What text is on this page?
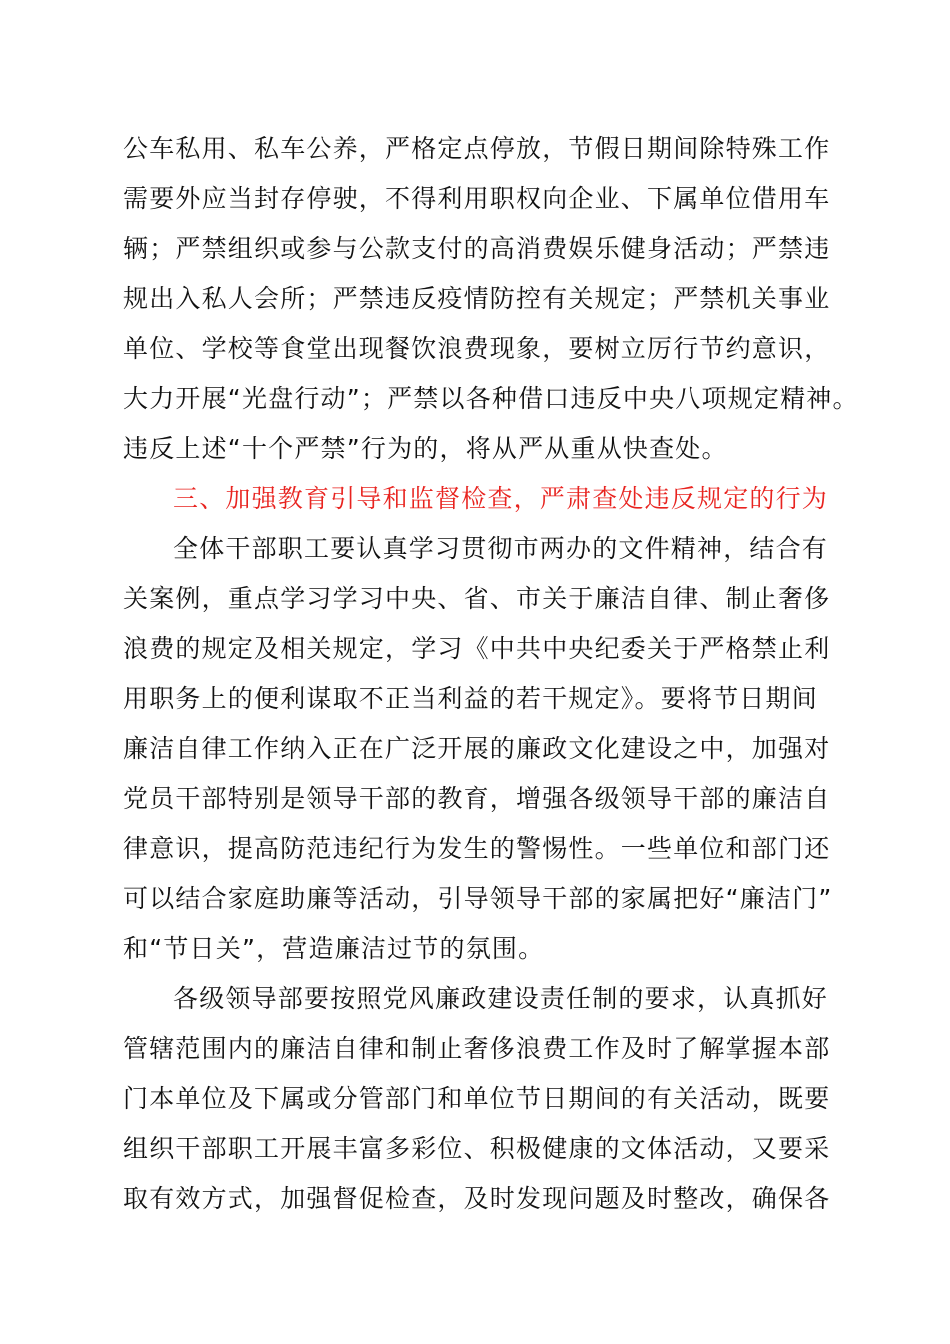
公车私用、私车公养，严格定点停放，节假日期间除特殊工作
需要外应当封存停驶，不得利用职权向企业、下属单位借用车
辆；严禁组织或参与公款支付的高消费娱乐健身活动；严禁违
规出入私人会所；严禁违反疫情防控有关规定；严禁机关事业
单位、学校等食堂出现餐饮浪费现象，要树立厉行节约意识，
大力开展“光盘行动”；严禁以各种借口违反中央八项规定精神。
违反上述“十个严禁”行为的，将从严从重从快查处。
三、加强教育引导和监督检查，严肃查处违反规定的行为
全体干部职工要认真学习贯彻市两办的文件精神，结合有
关案例，重点学习学习中央、省、市关于廉洁自律、制止奢侈
浪费的规定及相关规定，学习《中共中央纪委关于严格禁止利
用职务上的便利谋取不正当利益的若干规定》。要将节日期间
廉洁自律工作纳入正在广泛开展的廉政文化建设之中，加强对
党员干部特别是领导干部的教育，增强各级领导干部的廉洁自
律意识，提高防范违纪行为发生的警惕性。一些单位和部门还
可以结合家庭助廉等活动，引导领导干部的家属把好“廉洁门”
和“节日关”，营造廉洁过节的氛围。
各级领导部要按照党风廉政建设责任制的要求，认真抓好
管辖范围内的廉洁自律和制止奢侈浪费工作及时了解掌握本部
门本单位及下属或分管部门和单位节日期间的有关活动，既要
组织干部职工开展丰富多彩位、积极健康的文体活动，又要采
取有效方式，加强督促检查，及时发现问题及时整改，确保各
